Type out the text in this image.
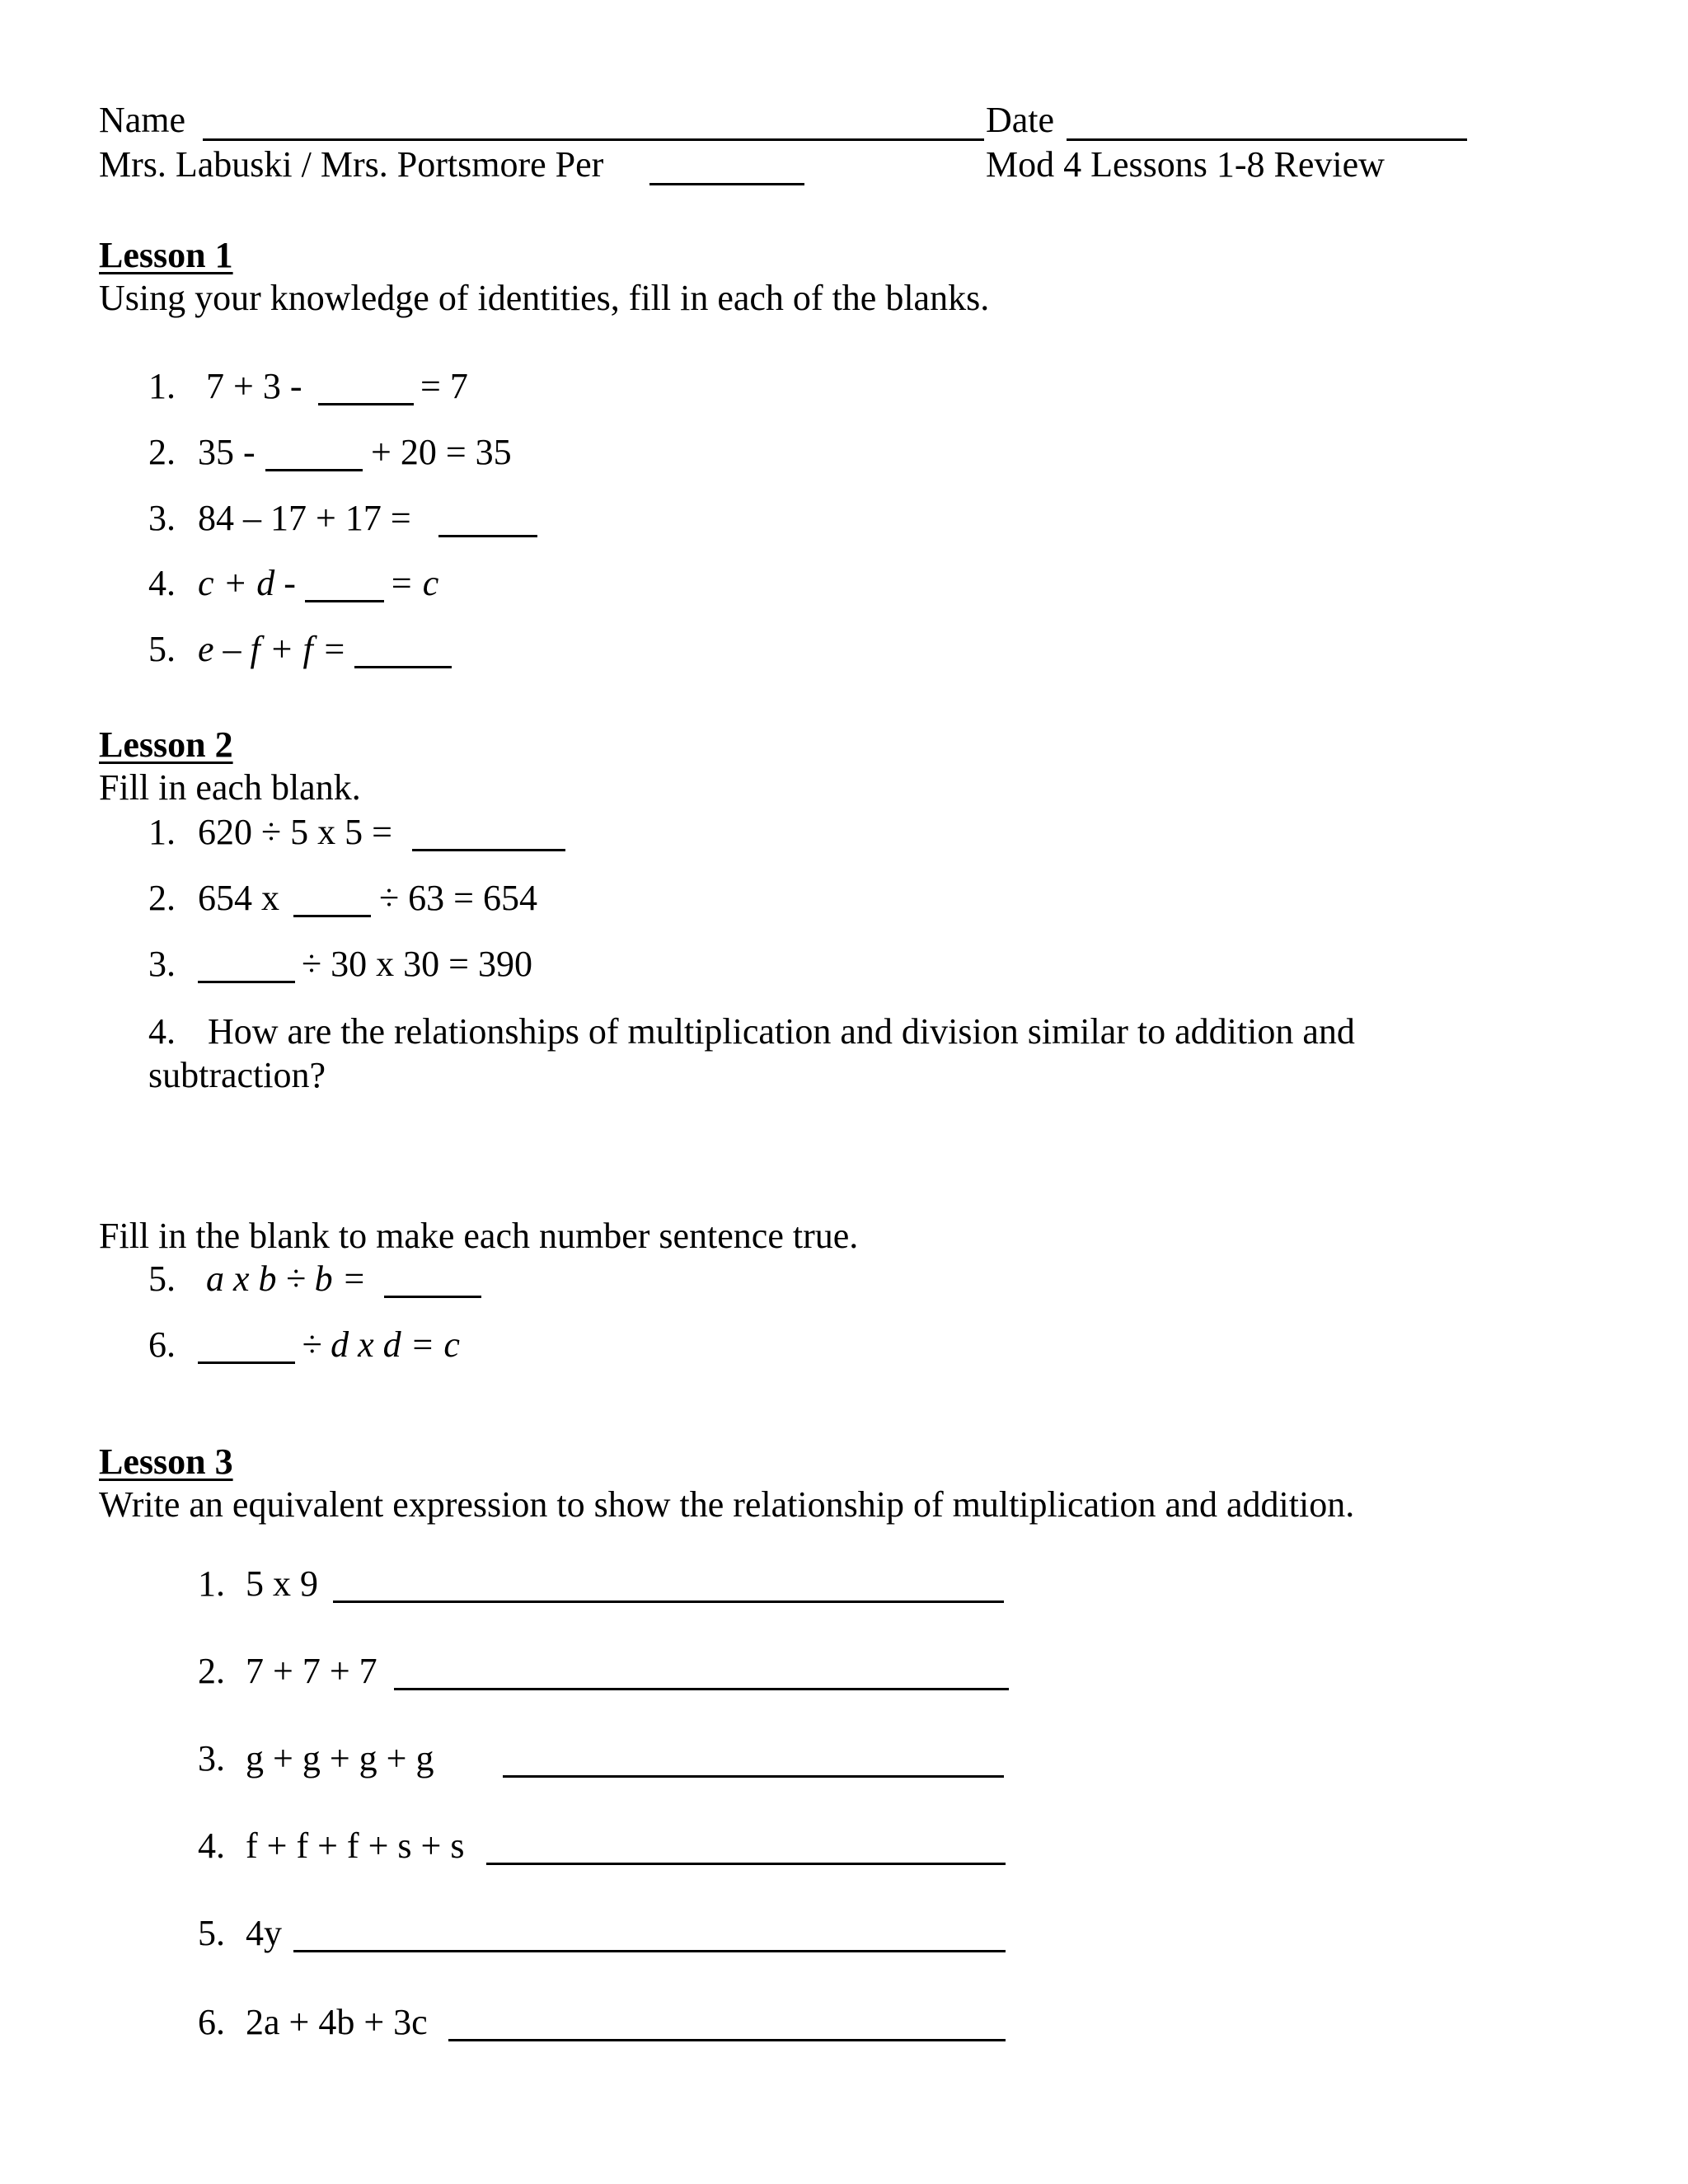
Name	Date
Mrs. Labuski / Mrs. Portsmore Per	Mod 4 Lessons 1-8 Review
Lesson 1
Using your knowledge of identities, fill in each of the blanks.
1. 7 + 3 -	= 7
2. 35 -	+ 20 = 35
3. 84 – 17 + 17 =
4. c + d -	= c
5. e – f + f =
Lesson 2
Fill in each blank.
1. 620 ÷ 5 x 5 =
2. 654 x	÷ 63 = 654
3.	÷ 30 x 30 = 390
4. How are the relationships of multiplication and division similar to addition and
subtraction?
Fill in the blank to make each number sentence true.
5. a x b ÷ b =
6.	÷ d x d = c
Lesson 3
Write an equivalent expression to show the relationship of multiplication and addition.
1. 5 x 9
2. 7 + 7 + 7
3. g + g + g + g
4. f + f + f + s + s
5. 4y
6. 2a + 4b + 3c
